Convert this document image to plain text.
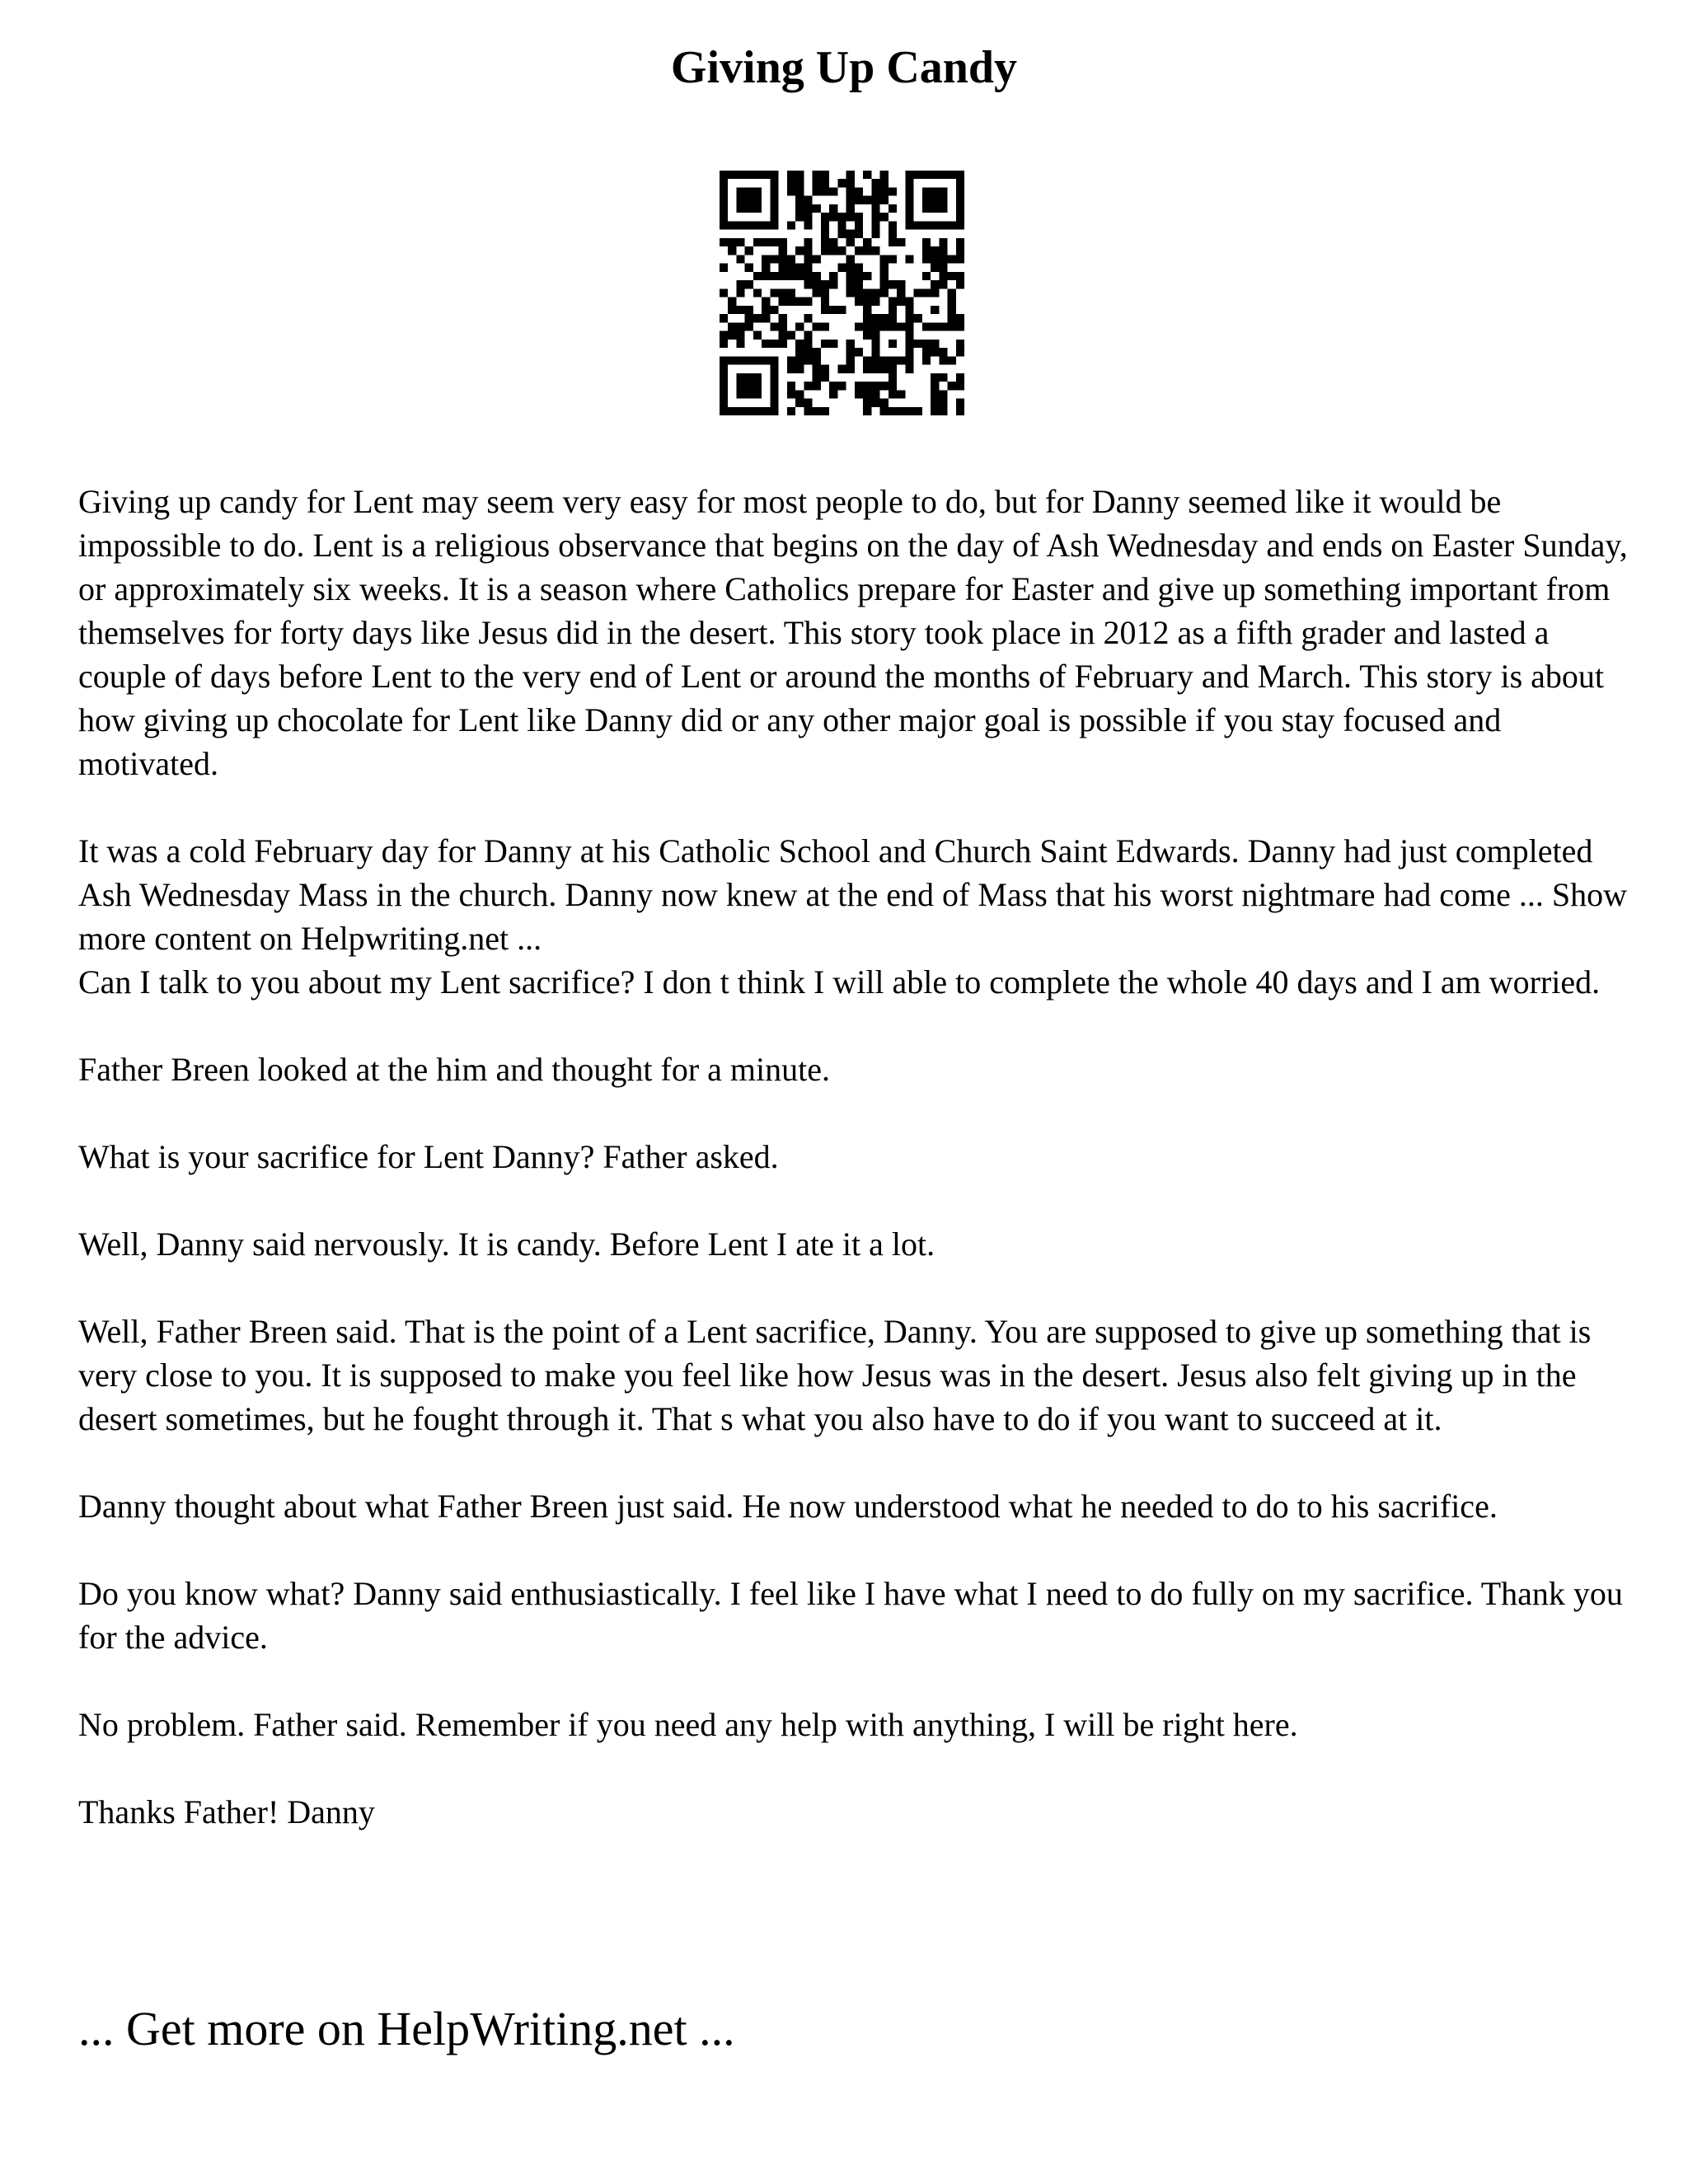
Giving Up Candy

Giving up candy for Lent may seem very easy for most people to do, but for Danny seemed like it would be impossible to do. Lent is a religious observance that begins on the day of Ash Wednesday and ends on Easter Sunday, or approximately six weeks. It is a season where Catholics prepare for Easter and give up something important from themselves for forty days like Jesus did in the desert. This story took place in 2012 as a fifth grader and lasted a couple of days before Lent to the very end of Lent or around the months of February and March. This story is about how giving up chocolate for Lent like Danny did or any other major goal is possible if you stay focused and motivated.

It was a cold February day for Danny at his Catholic School and Church Saint Edwards. Danny had just completed Ash Wednesday Mass in the church. Danny now knew at the end of Mass that his worst nightmare had come ... Show more content on Helpwriting.net ...

Can I talk to you about my Lent sacrifice? I don t think I will able to complete the whole 40 days and I am worried.

Father Breen looked at the him and thought for a minute.

What is your sacrifice for Lent Danny? Father asked.

Well, Danny said nervously. It is candy. Before Lent I ate it a lot.

Well, Father Breen said. That is the point of a Lent sacrifice, Danny. You are supposed to give up something that is very close to you. It is supposed to make you feel like how Jesus was in the desert. Jesus also felt giving up in the desert sometimes, but he fought through it. That s what you also have to do if you want to succeed at it.

Danny thought about what Father Breen just said. He now understood what he needed to do to his sacrifice.

Do you know what? Danny said enthusiastically. I feel like I have what I need to do fully on my sacrifice. Thank you for the advice.

No problem. Father said. Remember if you need any help with anything, I will be right here.

Thanks Father! Danny

... Get more on HelpWriting.net ...
